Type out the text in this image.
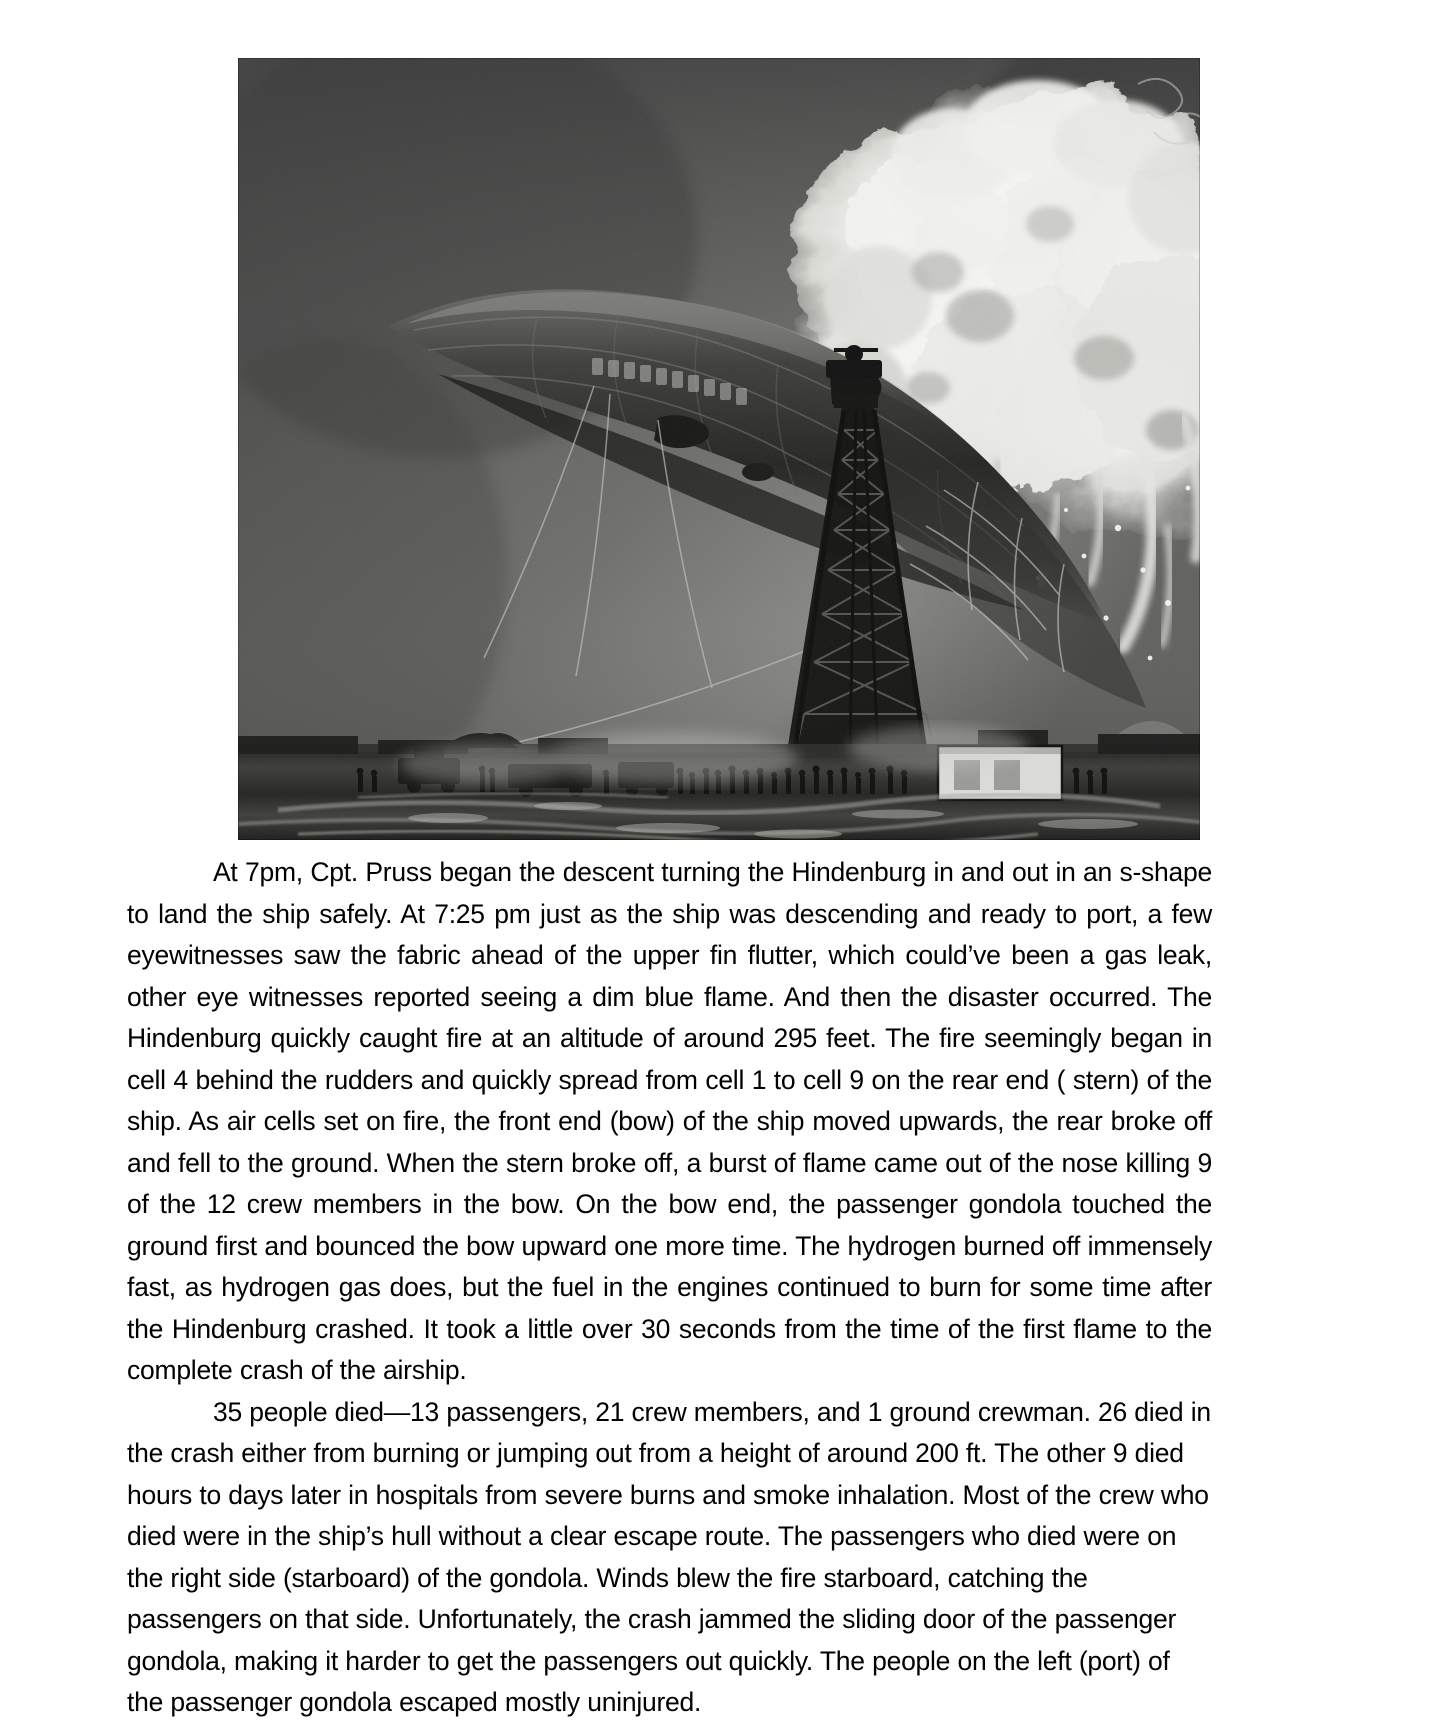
At 7pm, Cpt. Pruss began the descent turning the Hindenburg in and out in an s-shape to land the ship safely. At 7:25 pm just as the ship was descending and ready to port, a few eyewitnesses saw the fabric ahead of the upper fin flutter, which could’ve been a gas leak, other eye witnesses reported seeing a dim blue flame. And then the disaster occurred. The Hindenburg quickly caught fire at an altitude of around 295 feet. The fire seemingly began in cell 4 behind the rudders and quickly spread from cell 1 to cell 9 on the rear end ( stern) of the ship. As air cells set on fire, the front end (bow) of the ship moved upwards, the rear broke off and fell to the ground. When the stern broke off, a burst of flame came out of the nose killing 9 of the 12 crew members in the bow. On the bow end, the passenger gondola touched the ground first and bounced the bow upward one more time. The hydrogen burned off immensely fast, as hydrogen gas does, but the fuel in the engines continued to burn for some time after the Hindenburg crashed. It took a little over 30 seconds from the time of the first flame to the complete crash of the airship.

35 people died—13 passengers, 21 crew members, and 1 ground crewman. 26 died in the crash either from burning or jumping out from a height of around 200 ft. The other 9 died hours to days later in hospitals from severe burns and smoke inhalation. Most of the crew who died were in the ship’s hull without a clear escape route. The passengers who died were on the right side (starboard) of the gondola. Winds blew the fire starboard, catching the passengers on that side. Unfortunately, the crash jammed the sliding door of the passenger gondola, making it harder to get the passengers out quickly. The people on the left (port) of the passenger gondola escaped mostly uninjured.
